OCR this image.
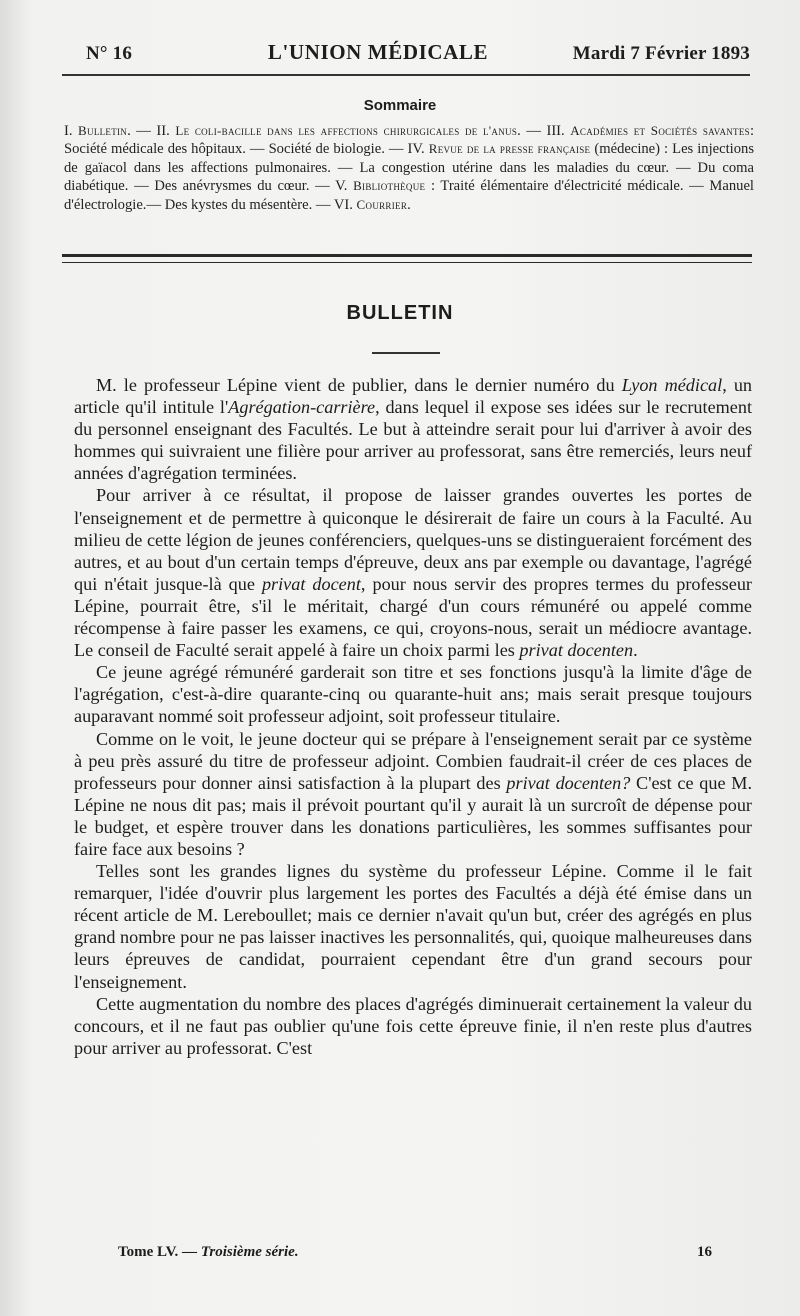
N° 16	L'UNION MÉDICALE	Mardi 7 Février 1893
Sommaire
I. Bulletin. — II. Le coli-bacille dans les affections chirurgicales de l'anus. — III. Académies et Sociétés savantes: Société médicale des hôpitaux. — Société de biologie. — IV. Revue de la presse française (médecine) : Les injections de gaïacol dans les affections pulmonaires. — La congestion utérine dans les maladies du cœur. — Du coma diabétique. — Des anévrysmes du cœur. — V. Bibliothèque : Traité élémentaire d'électricité médicale. — Manuel d'électrologie.— Des kystes du mésentère. — VI. Courrier.
BULLETIN

M. le professeur Lépine vient de publier, dans le dernier numéro du Lyon médical, un article qu'il intitule l'Agrégation-carrière, dans lequel il expose ses idées sur le recrutement du personnel enseignant des Facultés. Le but à atteindre serait pour lui d'arriver à avoir des hommes qui suivraient une filière pour arriver au professorat, sans être remerciés, leurs neuf années d'agrégation terminées.

Pour arriver à ce résultat, il propose de laisser grandes ouvertes les portes de l'enseignement et de permettre à quiconque le désirerait de faire un cours à la Faculté. Au milieu de cette légion de jeunes conférenciers, quelques-uns se distingueraient forcément des autres, et au bout d'un certain temps d'épreuve, deux ans par exemple ou davantage, l'agrégé qui n'était jusque-là que privat docent, pour nous servir des propres termes du professeur Lépine, pourrait être, s'il le méritait, chargé d'un cours rémunéré ou appelé comme récompense à faire passer les examens, ce qui, croyons-nous, serait un médiocre avantage. Le conseil de Faculté serait appelé à faire un choix parmi les privat docenten.

Ce jeune agrégé rémunéré garderait son titre et ses fonctions jusqu'à la limite d'âge de l'agrégation, c'est-à-dire quarante-cinq ou quarante-huit ans; mais serait presque toujours auparavant nommé soit professeur adjoint, soit professeur titulaire.

Comme on le voit, le jeune docteur qui se prépare à l'enseignement serait par ce système à peu près assuré du titre de professeur adjoint. Combien faudrait-il créer de ces places de professeurs pour donner ainsi satisfaction à la plupart des privat docenten? C'est ce que M. Lépine ne nous dit pas; mais il prévoit pourtant qu'il y aurait là un surcroît de dépense pour le budget, et espère trouver dans les donations particulières, les sommes suffisantes pour faire face aux besoins ?

Telles sont les grandes lignes du système du professeur Lépine. Comme il le fait remarquer, l'idée d'ouvrir plus largement les portes des Facultés a déjà été émise dans un récent article de M. Lereboullet; mais ce dernier n'avait qu'un but, créer des agrégés en plus grand nombre pour ne pas laisser inactives les personnalités, qui, quoique malheureuses dans leurs épreuves de candidat, pourraient cependant être d'un grand secours pour l'enseignement.

Cette augmentation du nombre des places d'agrégés diminuerait certainement la valeur du concours, et il ne faut pas oublier qu'une fois cette épreuve finie, il n'en reste plus d'autres pour arriver au professorat. C'est

Tome LV. — Troisième série.	16
